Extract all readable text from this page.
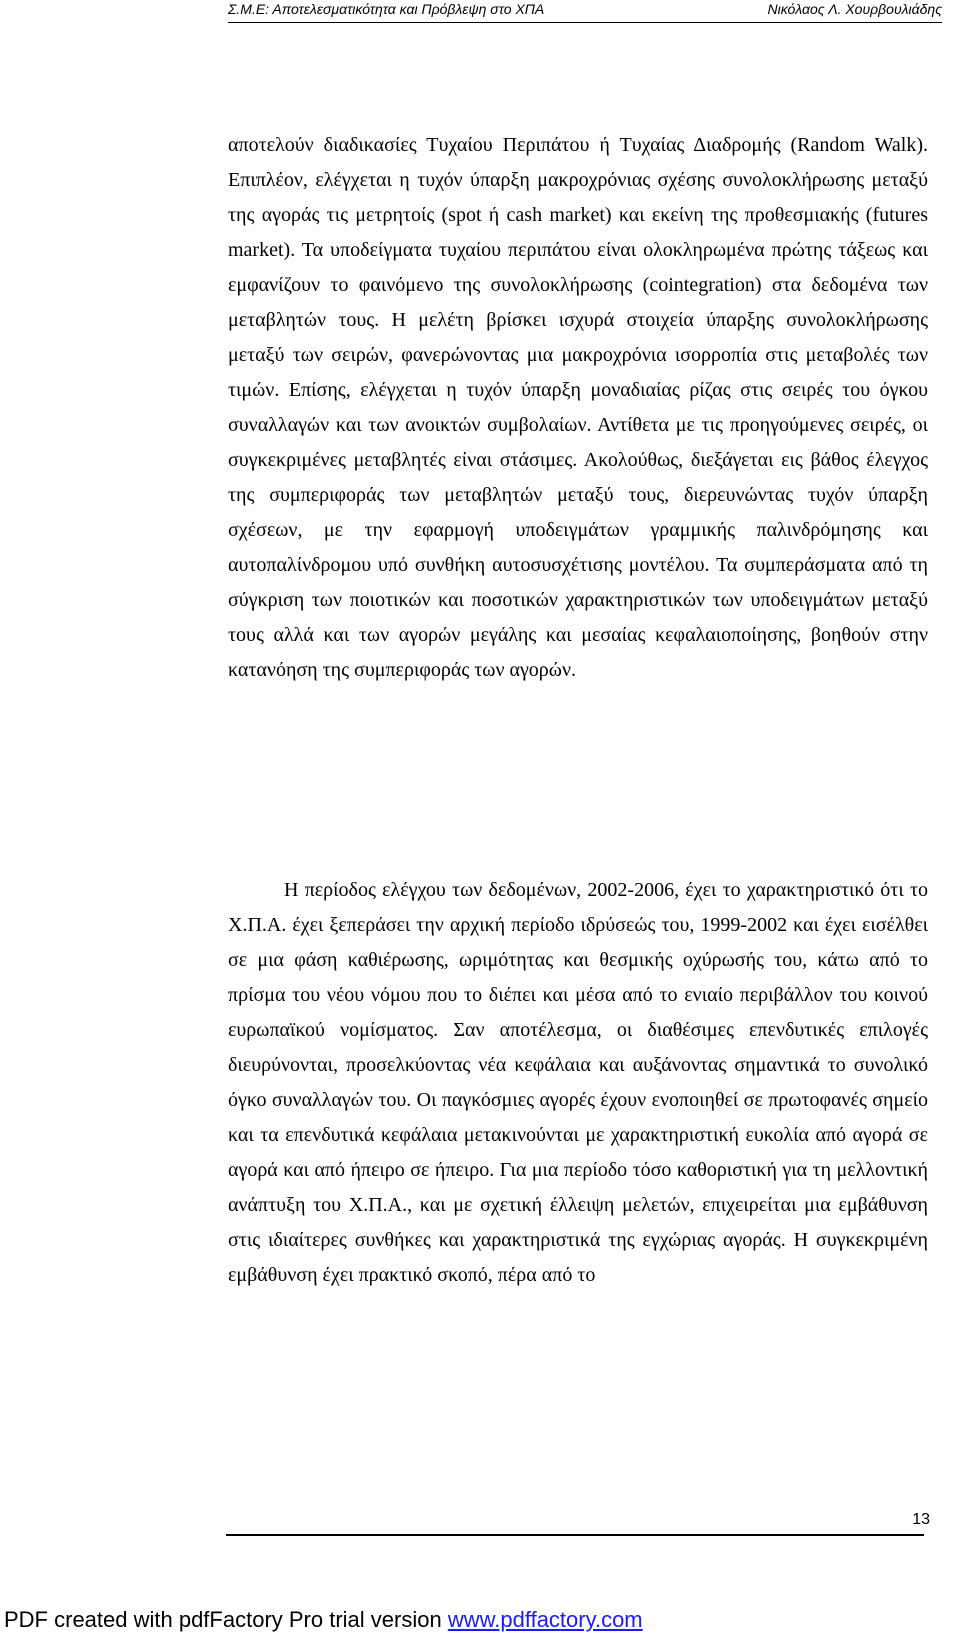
Σ.Μ.Ε: Αποτελεσματικότητα και Πρόβλεψη στο ΧΠΑ	Νικόλαος Λ. Χουρβουλιάδης

αποτελούν διαδικασίες Τυχαίου Περιπάτου ή Τυχαίας Διαδρομής (Random Walk). Επιπλέον, ελέγχεται η τυχόν ύπαρξη μακροχρόνιας σχέσης συνολοκλήρωσης μεταξύ της αγοράς τις μετρητοίς (spot ή cash market) και εκείνη της προθεσμιακής (futures market). Τα υποδείγματα τυχαίου περιπάτου είναι ολοκληρωμένα πρώτης τάξεως και εμφανίζουν το φαινόμενο της συνολοκλήρωσης (cointegration) στα δεδομένα των μεταβλητών τους. Η μελέτη βρίσκει ισχυρά στοιχεία ύπαρξης συνολοκλήρωσης μεταξύ των σειρών, φανερώνοντας μια μακροχρόνια ισορροπία στις μεταβολές των τιμών. Επίσης, ελέγχεται η τυχόν ύπαρξη μοναδιαίας ρίζας στις σειρές του όγκου συναλλαγών και των ανοικτών συμβολαίων. Αντίθετα με τις προηγούμενες σειρές, οι συγκεκριμένες μεταβλητές είναι στάσιμες. Ακολούθως, διεξάγεται εις βάθος έλεγχος της συμπεριφοράς των μεταβλητών μεταξύ τους, διερευνώντας τυχόν ύπαρξη σχέσεων, με την εφαρμογή υποδειγμάτων γραμμικής παλινδρόμησης και αυτοπαλίνδρομου υπό συνθήκη αυτοσυσχέτισης μοντέλου. Τα συμπεράσματα από τη σύγκριση των ποιοτικών και ποσοτικών χαρακτηριστικών των υποδειγμάτων μεταξύ τους αλλά και των αγορών μεγάλης και μεσαίας κεφαλαιοποίησης, βοηθούν στην κατανόηση της συμπεριφοράς των αγορών.

Η περίοδος ελέγχου των δεδομένων, 2002-2006, έχει το χαρακτηριστικό ότι το Χ.Π.Α. έχει ξεπεράσει την αρχική περίοδο ιδρύσεώς του, 1999-2002 και έχει εισέλθει σε μια φάση καθιέρωσης, ωριμότητας και θεσμικής οχύρωσής του, κάτω από το πρίσμα του νέου νόμου που το διέπει και μέσα από το ενιαίο περιβάλλον του κοινού ευρωπαϊκού νομίσματος. Σαν αποτέλεσμα, οι διαθέσιμες επενδυτικές επιλογές διευρύνονται, προσελκύοντας νέα κεφάλαια και αυξάνοντας σημαντικά το συνολικό όγκο συναλλαγών του. Οι παγκόσμιες αγορές έχουν ενοποιηθεί σε πρωτοφανές σημείο και τα επενδυτικά κεφάλαια μετακινούνται με χαρακτηριστική ευκολία από αγορά σε αγορά και από ήπειρο σε ήπειρο. Για μια περίοδο τόσο καθοριστική για τη μελλοντική ανάπτυξη του Χ.Π.Α., και με σχετική έλλειψη μελετών, επιχειρείται μια εμβάθυνση στις ιδιαίτερες συνθήκες και χαρακτηριστικά της εγχώριας αγοράς. Η συγκεκριμένη εμβάθυνση έχει πρακτικό σκοπό, πέρα από το

13
PDF created with pdfFactory Pro trial version www.pdffactory.com
